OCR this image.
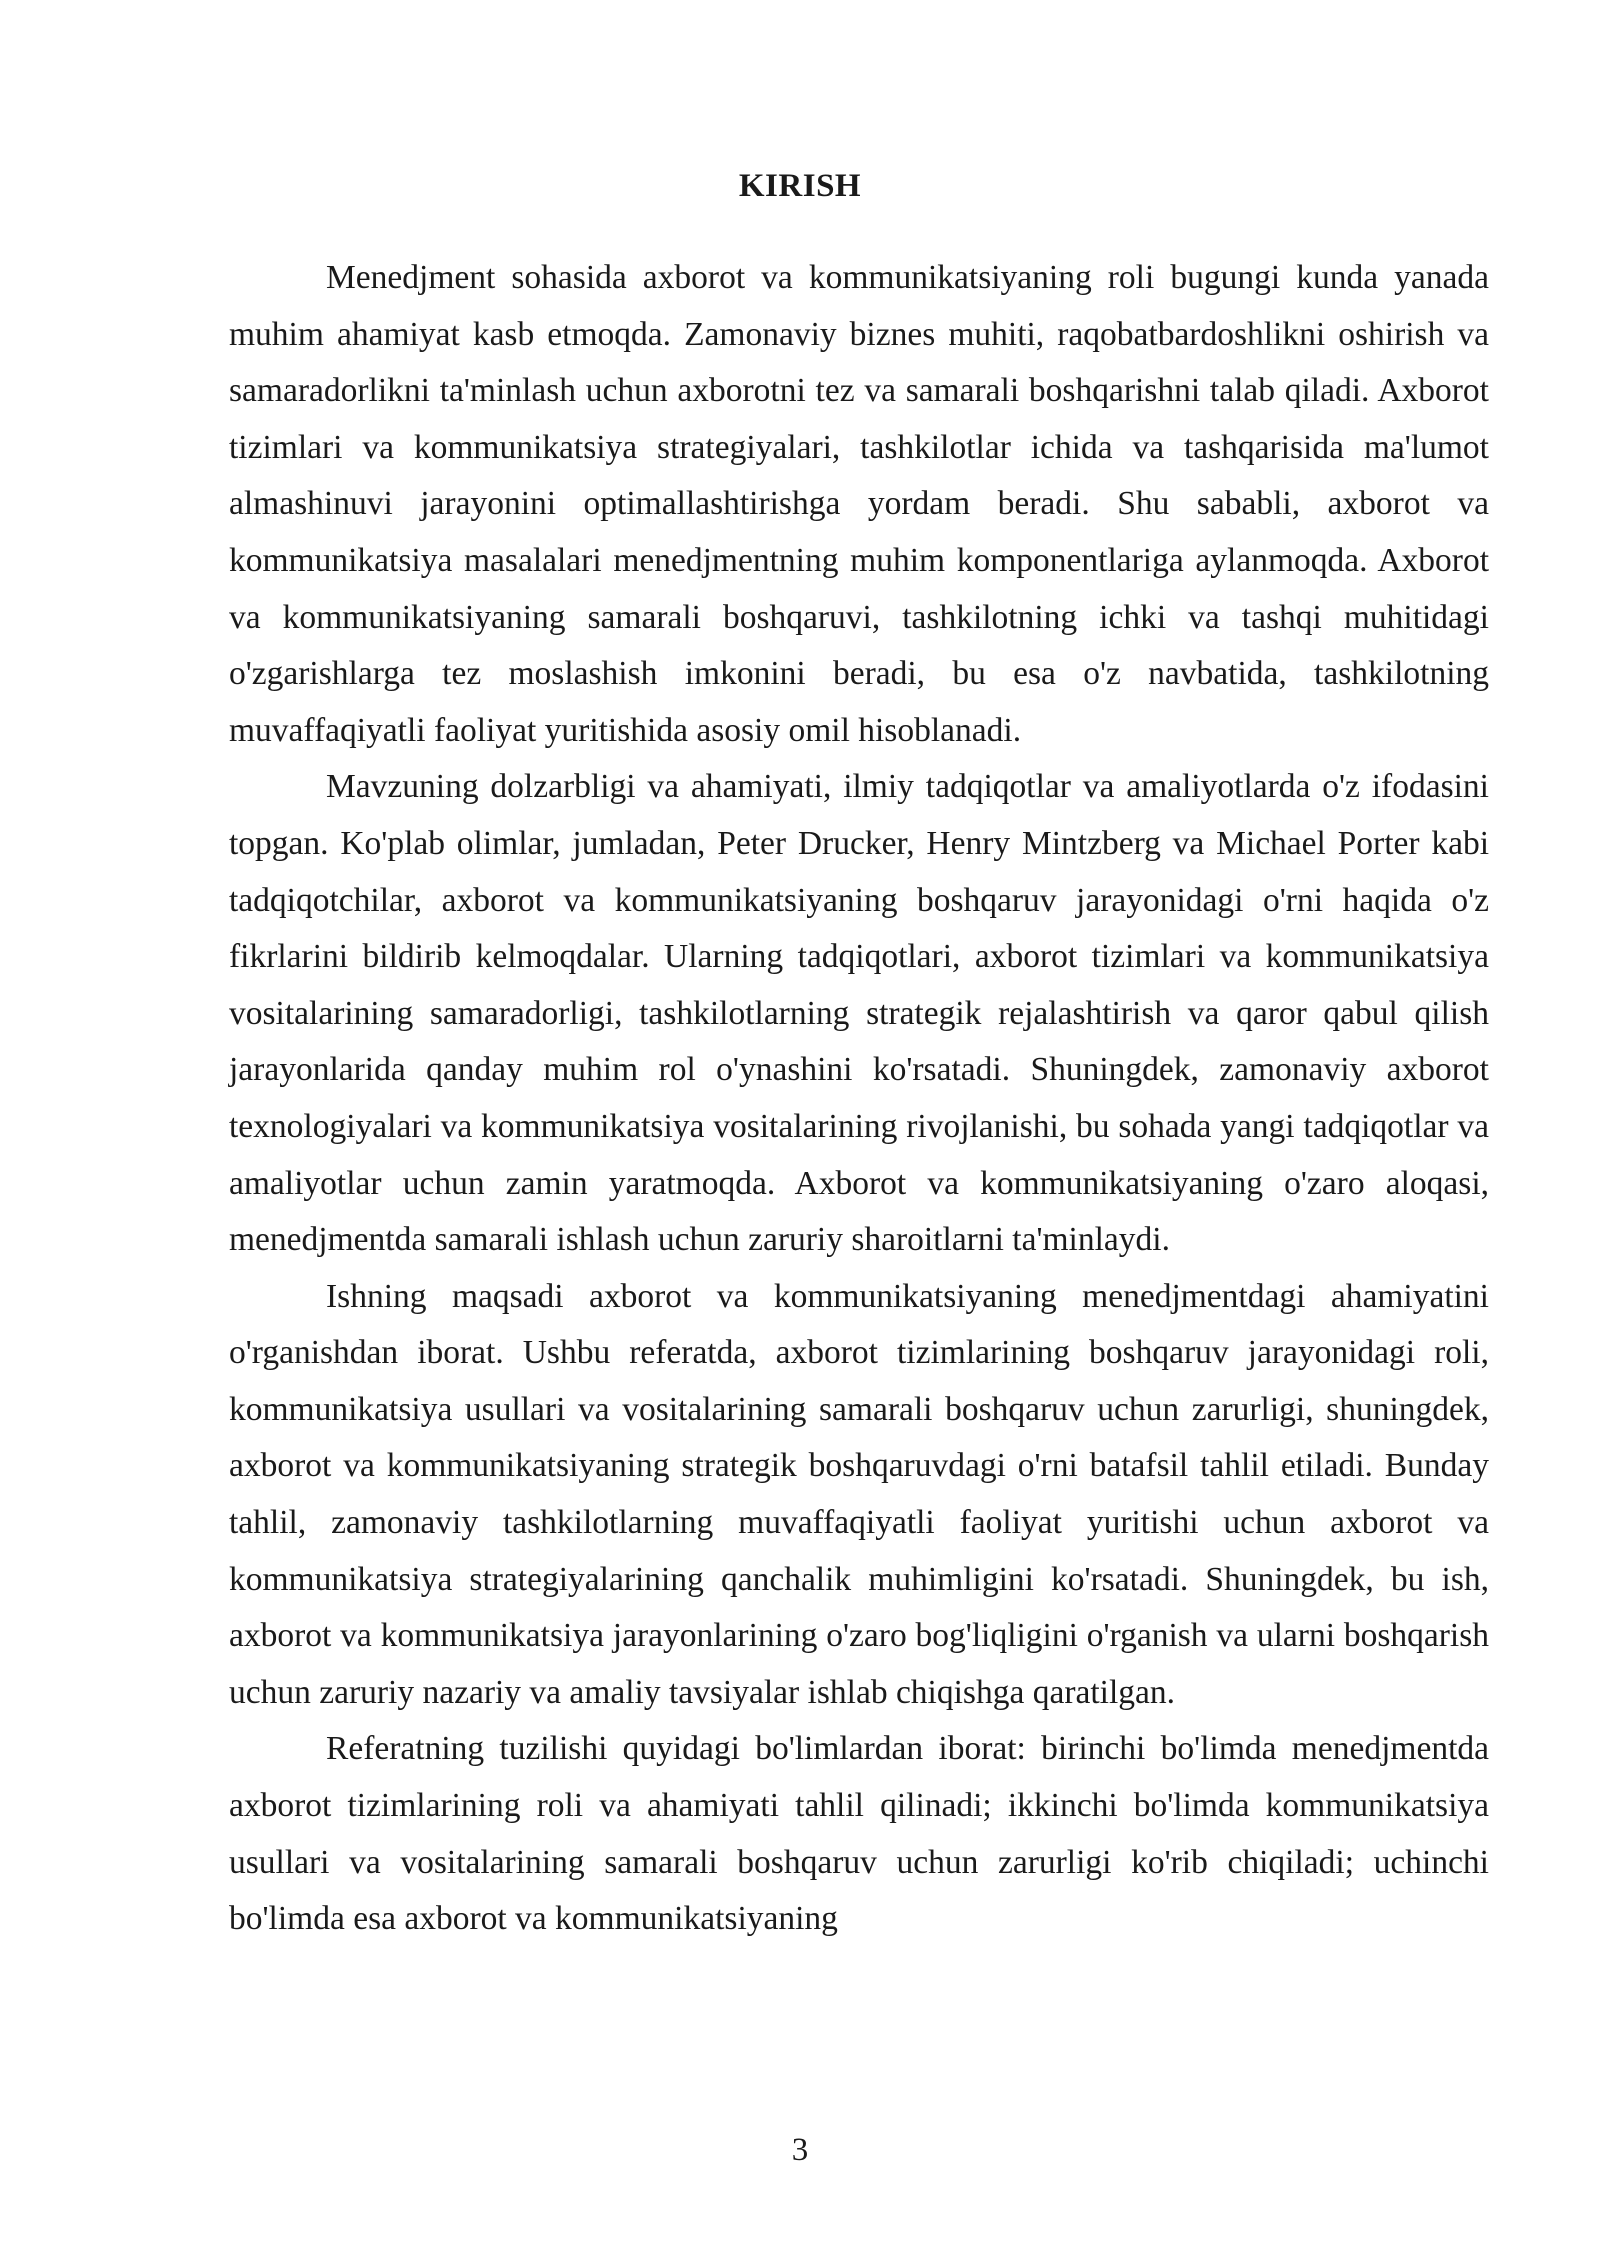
KIRISH

Menedjment sohasida axborot va kommunikatsiyaning roli bugungi kunda yanada muhim ahamiyat kasb etmoqda. Zamonaviy biznes muhiti, raqobatbardoshlikni oshirish va samaradorlikni ta'minlash uchun axborotni tez va samarali boshqarishni talab qiladi. Axborot tizimlari va kommunikatsiya strategiyalari, tashkilotlar ichida va tashqarisida ma'lumot almashinuvi jarayonini optimallashtirishga yordam beradi. Shu sababli, axborot va kommunikatsiya masalalari menedjmentning muhim komponentlariga aylanmoqda. Axborot va kommunikatsiyaning samarali boshqaruvi, tashkilotning ichki va tashqi muhitidagi o'zgarishlarga tez moslashish imkonini beradi, bu esa o'z navbatida, tashkilotning muvaffaqiyatli faoliyat yuritishida asosiy omil hisoblanadi.

Mavzuning dolzarbligi va ahamiyati, ilmiy tadqiqotlar va amaliyotlarda o'z ifodasini topgan. Ko'plab olimlar, jumladan, Peter Drucker, Henry Mintzberg va Michael Porter kabi tadqiqotchilar, axborot va kommunikatsiyaning boshqaruv jarayonidagi o'rni haqida o'z fikrlarini bildirib kelmoqdalar. Ularning tadqiqotlari, axborot tizimlari va kommunikatsiya vositalarining samaradorligi, tashkilotlarning strategik rejalashtirish va qaror qabul qilish jarayonlarida qanday muhim rol o'ynashini ko'rsatadi. Shuningdek, zamonaviy axborot texnologiyalari va kommunikatsiya vositalarining rivojlanishi, bu sohada yangi tadqiqotlar va amaliyotlar uchun zamin yaratmoqda. Axborot va kommunikatsiyaning o'zaro aloqasi, menedjmentda samarali ishlash uchun zaruriy sharoitlarni ta'minlaydi.

Ishning maqsadi axborot va kommunikatsiyaning menedjmentdagi ahamiyatini o'rganishdan iborat. Ushbu referatda, axborot tizimlarining boshqaruv jarayonidagi roli, kommunikatsiya usullari va vositalarining samarali boshqaruv uchun zarurligi, shuningdek, axborot va kommunikatsiyaning strategik boshqaruvdagi o'rni batafsil tahlil etiladi. Bunday tahlil, zamonaviy tashkilotlarning muvaffaqiyatli faoliyat yuritishi uchun axborot va kommunikatsiya strategiyalarining qanchalik muhimligini ko'rsatadi. Shuningdek, bu ish, axborot va kommunikatsiya jarayonlarining o'zaro bog'liqligini o'rganish va ularni boshqarish uchun zaruriy nazariy va amaliy tavsiyalar ishlab chiqishga qaratilgan.

Referatning tuzilishi quyidagi bo'limlardan iborat: birinchi bo'limda menedjmentda axborot tizimlarining roli va ahamiyati tahlil qilinadi; ikkinchi bo'limda kommunikatsiya usullari va vositalarining samarali boshqaruv uchun zarurligi ko'rib chiqiladi; uchinchi bo'limda esa axborot va kommunikatsiyaning

3
